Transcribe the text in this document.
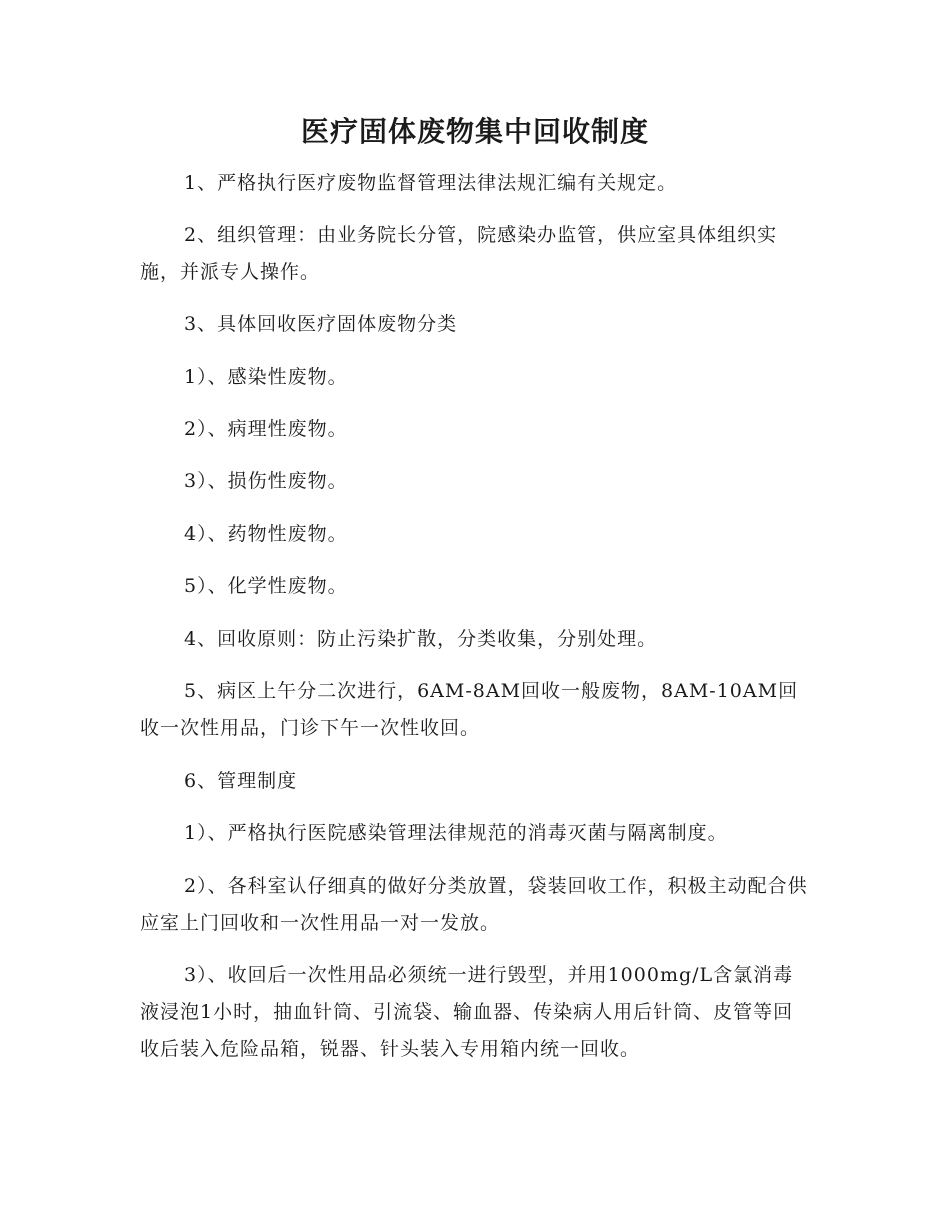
医疗固体废物集中回收制度

1、严格执行医疗废物监督管理法律法规汇编有关规定。

2、组织管理：由业务院长分管，院感染办监管，供应室具体组织实施，并派专人操作。

3、具体回收医疗固体废物分类

1）、感染性废物。

2）、病理性废物。

3）、损伤性废物。

4）、药物性废物。

5）、化学性废物。

4、回收原则：防止污染扩散，分类收集，分别处理。

5、病区上午分二次进行，6AM-8AM回收一般废物，8AM-10AM回收一次性用品，门诊下午一次性收回。

6、管理制度

1）、严格执行医院感染管理法律规范的消毒灭菌与隔离制度。

2）、各科室认仔细真的做好分类放置，袋装回收工作，积极主动配合供应室上门回收和一次性用品一对一发放。

3）、收回后一次性用品必须统一进行毁型，并用1000mg/L含氯消毒液浸泡1小时，抽血针筒、引流袋、输血器、传染病人用后针筒、皮管等回收后装入危险品箱，锐器、针头装入专用箱内统一回收。
